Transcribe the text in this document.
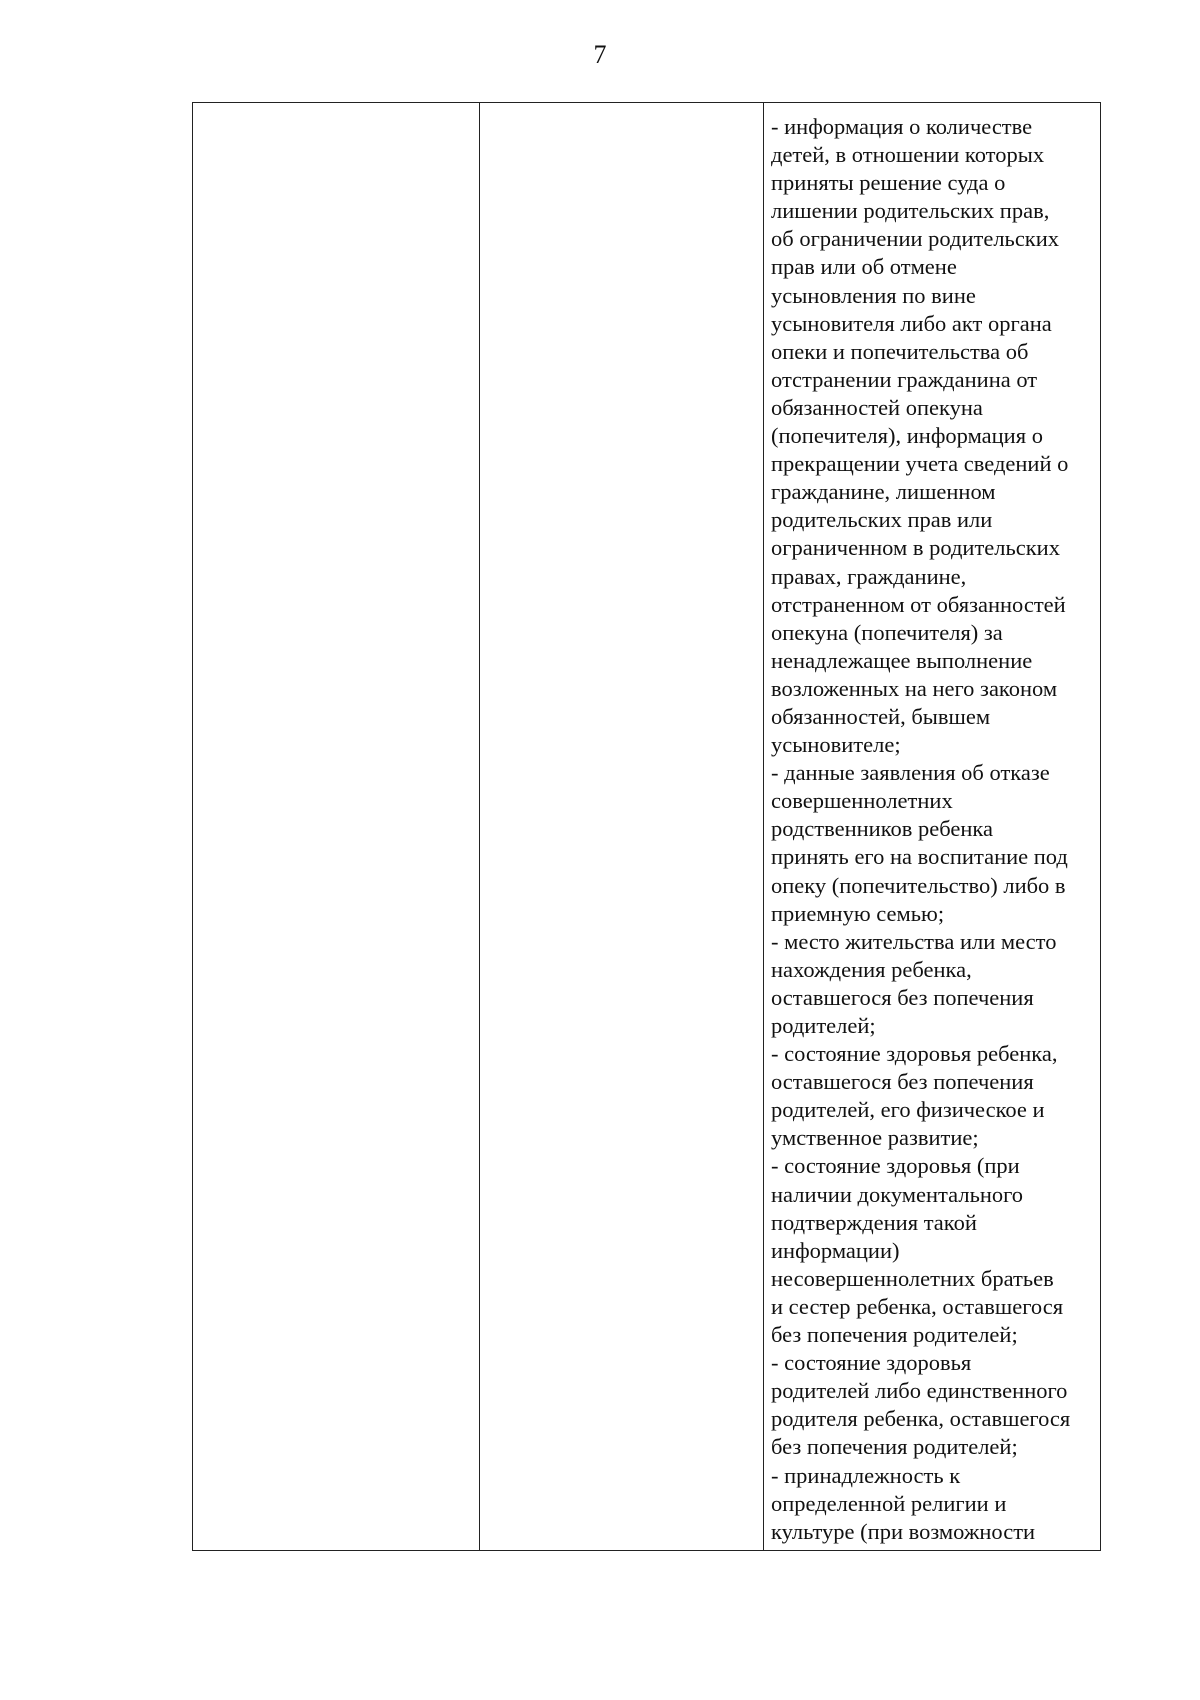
7
- информация о количестве
детей, в отношении которых
приняты решение суда о
лишении родительских прав,
об ограничении родительских
прав или об отмене
усыновления по вине
усыновителя либо акт органа
опеки и попечительства об
отстранении гражданина от
обязанностей опекуна
(попечителя), информация о
прекращении учета сведений о
гражданине, лишенном
родительских прав или
ограниченном в родительских
правах, гражданине,
отстраненном от обязанностей
опекуна (попечителя) за
ненадлежащее выполнение
возложенных на него законом
обязанностей, бывшем
усыновителе;
- данные заявления об отказе
совершеннолетних
родственников ребенка
принять его на воспитание под
опеку (попечительство) либо в
приемную семью;
- место жительства или место
нахождения ребенка,
оставшегося без попечения
родителей;
- состояние здоровья ребенка,
оставшегося без попечения
родителей, его физическое и
умственное развитие;
- состояние здоровья (при
наличии документального
подтверждения такой
информации)
несовершеннолетних братьев
и сестер ребенка, оставшегося
без попечения родителей;
- состояние здоровья
родителей либо единственного
родителя ребенка, оставшегося
без попечения родителей;
- принадлежность к
определенной религии и
культуре (при возможности
